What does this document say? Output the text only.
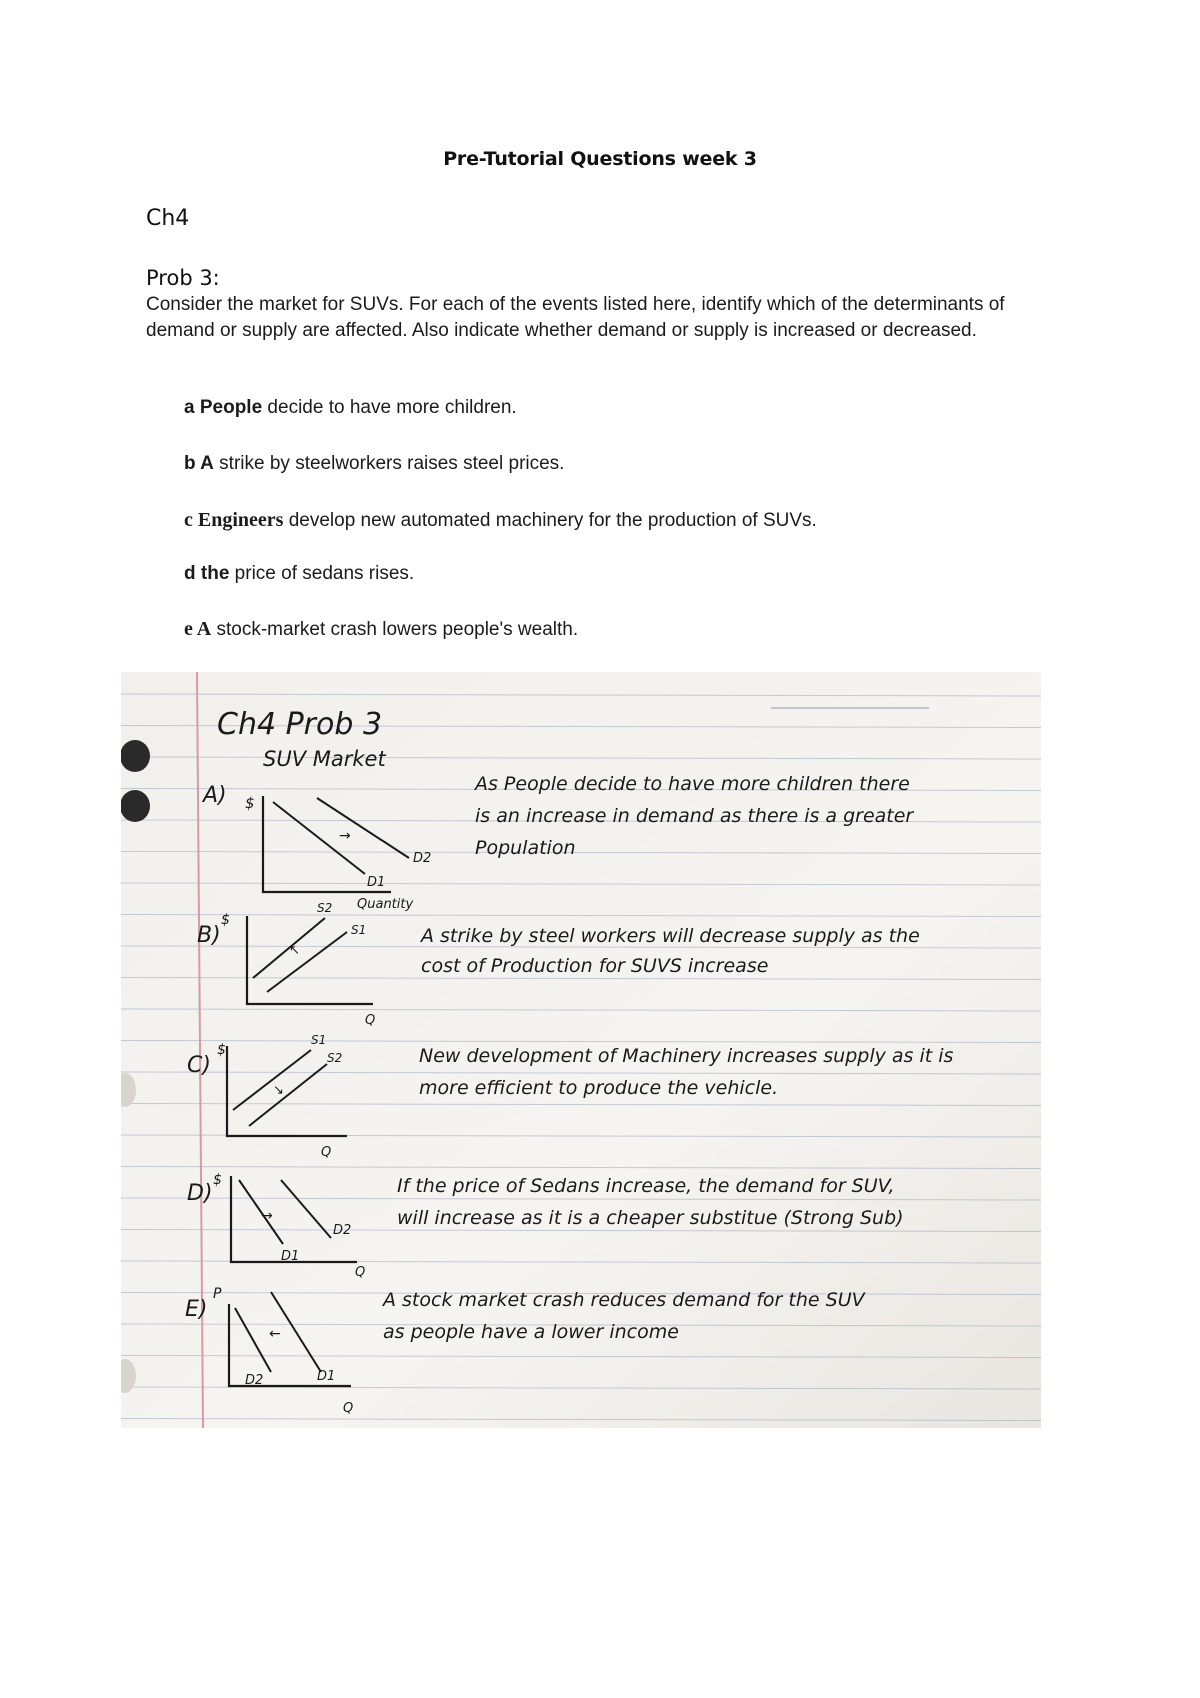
Pre-Tutorial Questions week 3
Ch4
Prob 3:
Consider the market for SUVs. For each of the events listed here, identify which of the determinants of demand or supply are affected. Also indicate whether demand or supply is increased or decreased.
a People decide to have more children.
b A strike by steelworkers raises steel prices.
c Engineers develop new automated machinery for the production of SUVs.
d the price of sedans rises.
e A stock-market crash lowers people's wealth.
Ch4 Prob 3
SUV Market
A) $
→
D1
D2
Quantity
As People decide to have more children there
is an increase in demand as there is a greater
Population
B)
$
↖
S2
S1
Q
A strike by steel workers will decrease supply as the
cost of Production for SUVS increase
C)
$
↘
S1
S2
Q
New development of Machinery increases supply as it is
more efficient to produce the vehicle.
D)
$
→
D1
D2
Q
If the price of Sedans increase, the demand for SUV,
will increase as it is a cheaper substitue (Strong Sub)
E)
P
←
D2	D1
Q
A stock market crash reduces demand for the SUV
as people have a lower income
